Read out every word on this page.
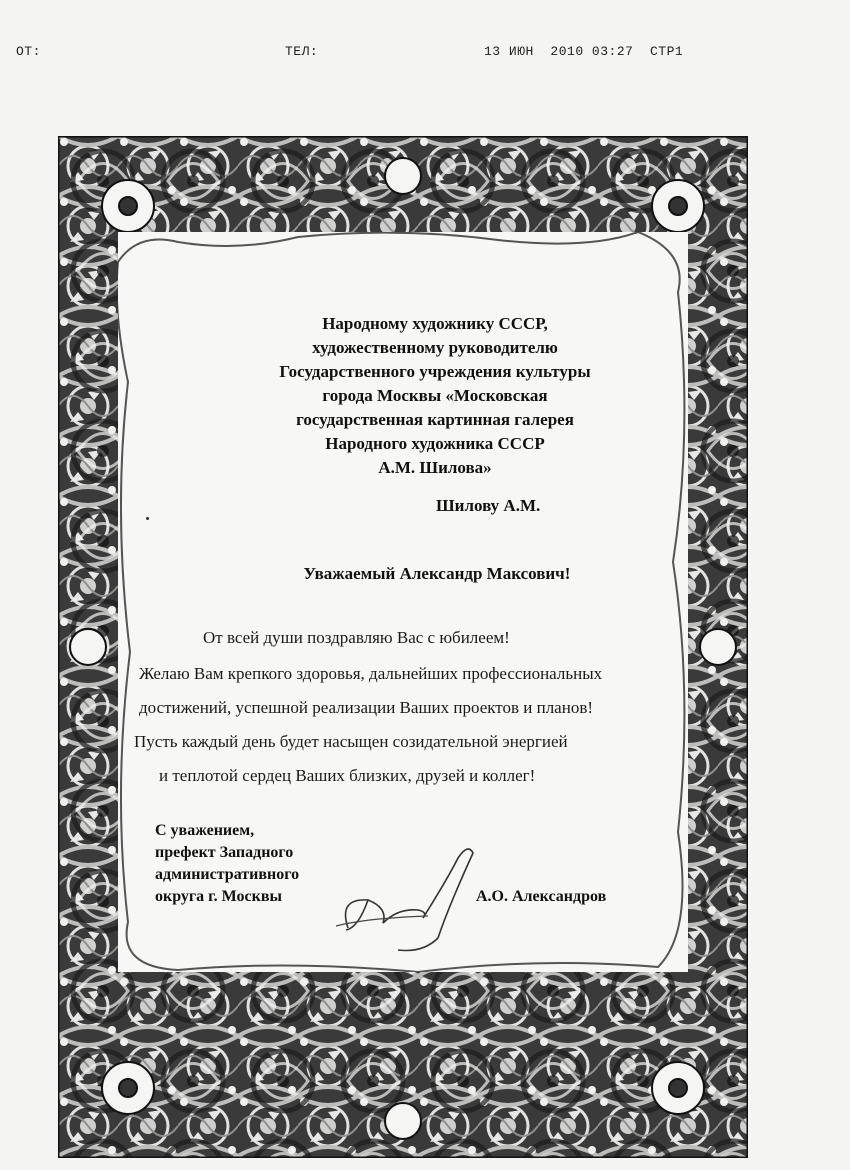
ОТ:	ТЕЛ:	13 ИЮН  2010 03:27 СТР1
Народному художнику СССР,
художественному руководителю
Государственного учреждения культуры
города Москвы «Московская
государственная картинная галерея
Народного художника СССР
А.М. Шилова»
Шилову А.М.
Уважаемый Александр Максович!
От всей души поздравляю Вас с юбилеем!
Желаю Вам крепкого здоровья, дальнейших профессиональных
достижений, успешной реализации Ваших проектов и планов!
Пусть каждый день будет насыщен созидательной энергией
и теплотой сердец Ваших близких, друзей и коллег!
С уважением,
префект Западного
административного
округа г. Москвы	А.О. Александров
